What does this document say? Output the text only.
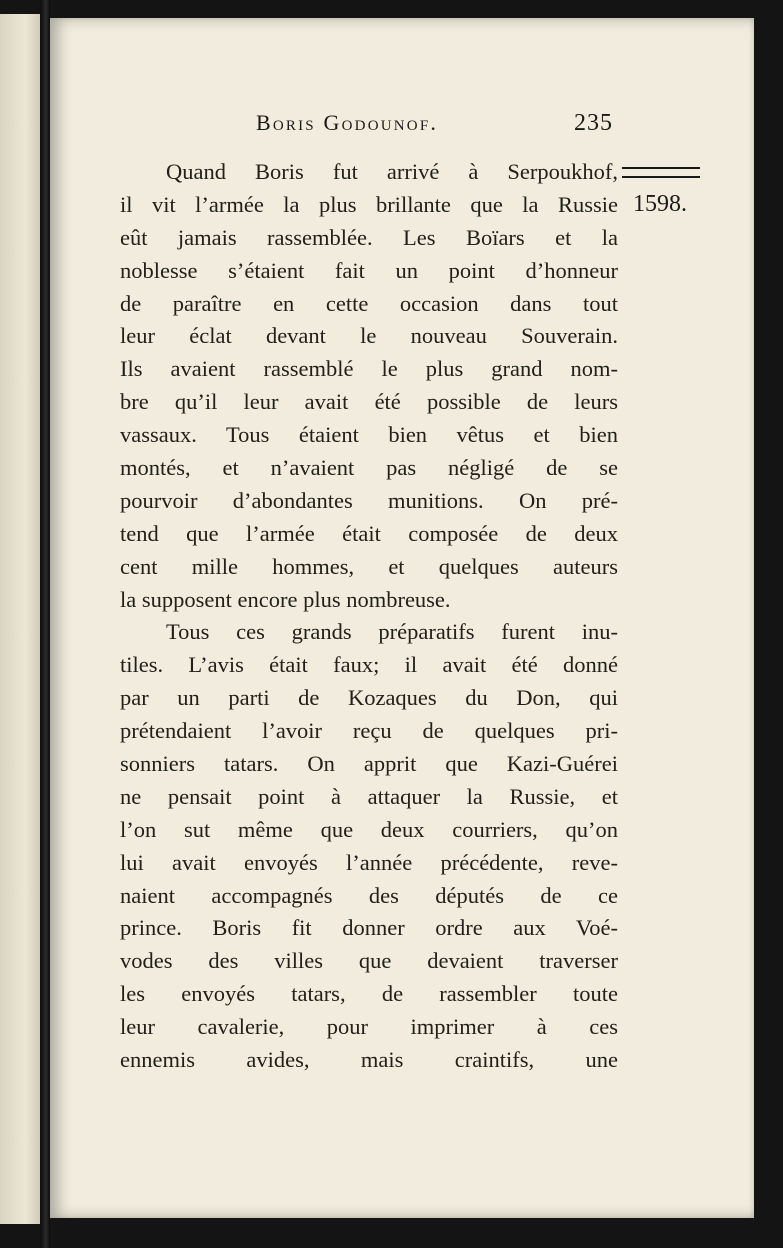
Boris Godounof.	235
1598.
Quand Boris fut arrivé à Serpoukhof,
il vit l’armée la plus brillante que la Russie
eût jamais rassemblée. Les Boïars et la
noblesse s’étaient fait un point d’honneur
de paraître en cette occasion dans tout
leur éclat devant le nouveau Souverain.
Ils avaient rassemblé le plus grand nom-
bre qu’il leur avait été possible de leurs
vassaux. Tous étaient bien vêtus et bien
montés, et n’avaient pas négligé de se
pourvoir d’abondantes munitions. On pré-
tend que l’armée était composée de deux
cent mille hommes, et quelques auteurs
la supposent encore plus nombreuse.
Tous ces grands préparatifs furent inu-
tiles. L’avis était faux; il avait été donné
par un parti de Kozaques du Don, qui
prétendaient l’avoir reçu de quelques pri-
sonniers tatars. On apprit que Kazi-Guérei
ne pensait point à attaquer la Russie, et
l’on sut même que deux courriers, qu’on
lui avait envoyés l’année précédente, reve-
naient accompagnés des députés de ce
prince. Boris fit donner ordre aux Voé-
vodes des villes que devaient traverser
les envoyés tatars, de rassembler toute
leur cavalerie, pour imprimer à ces
ennemis avides, mais craintifs, une
